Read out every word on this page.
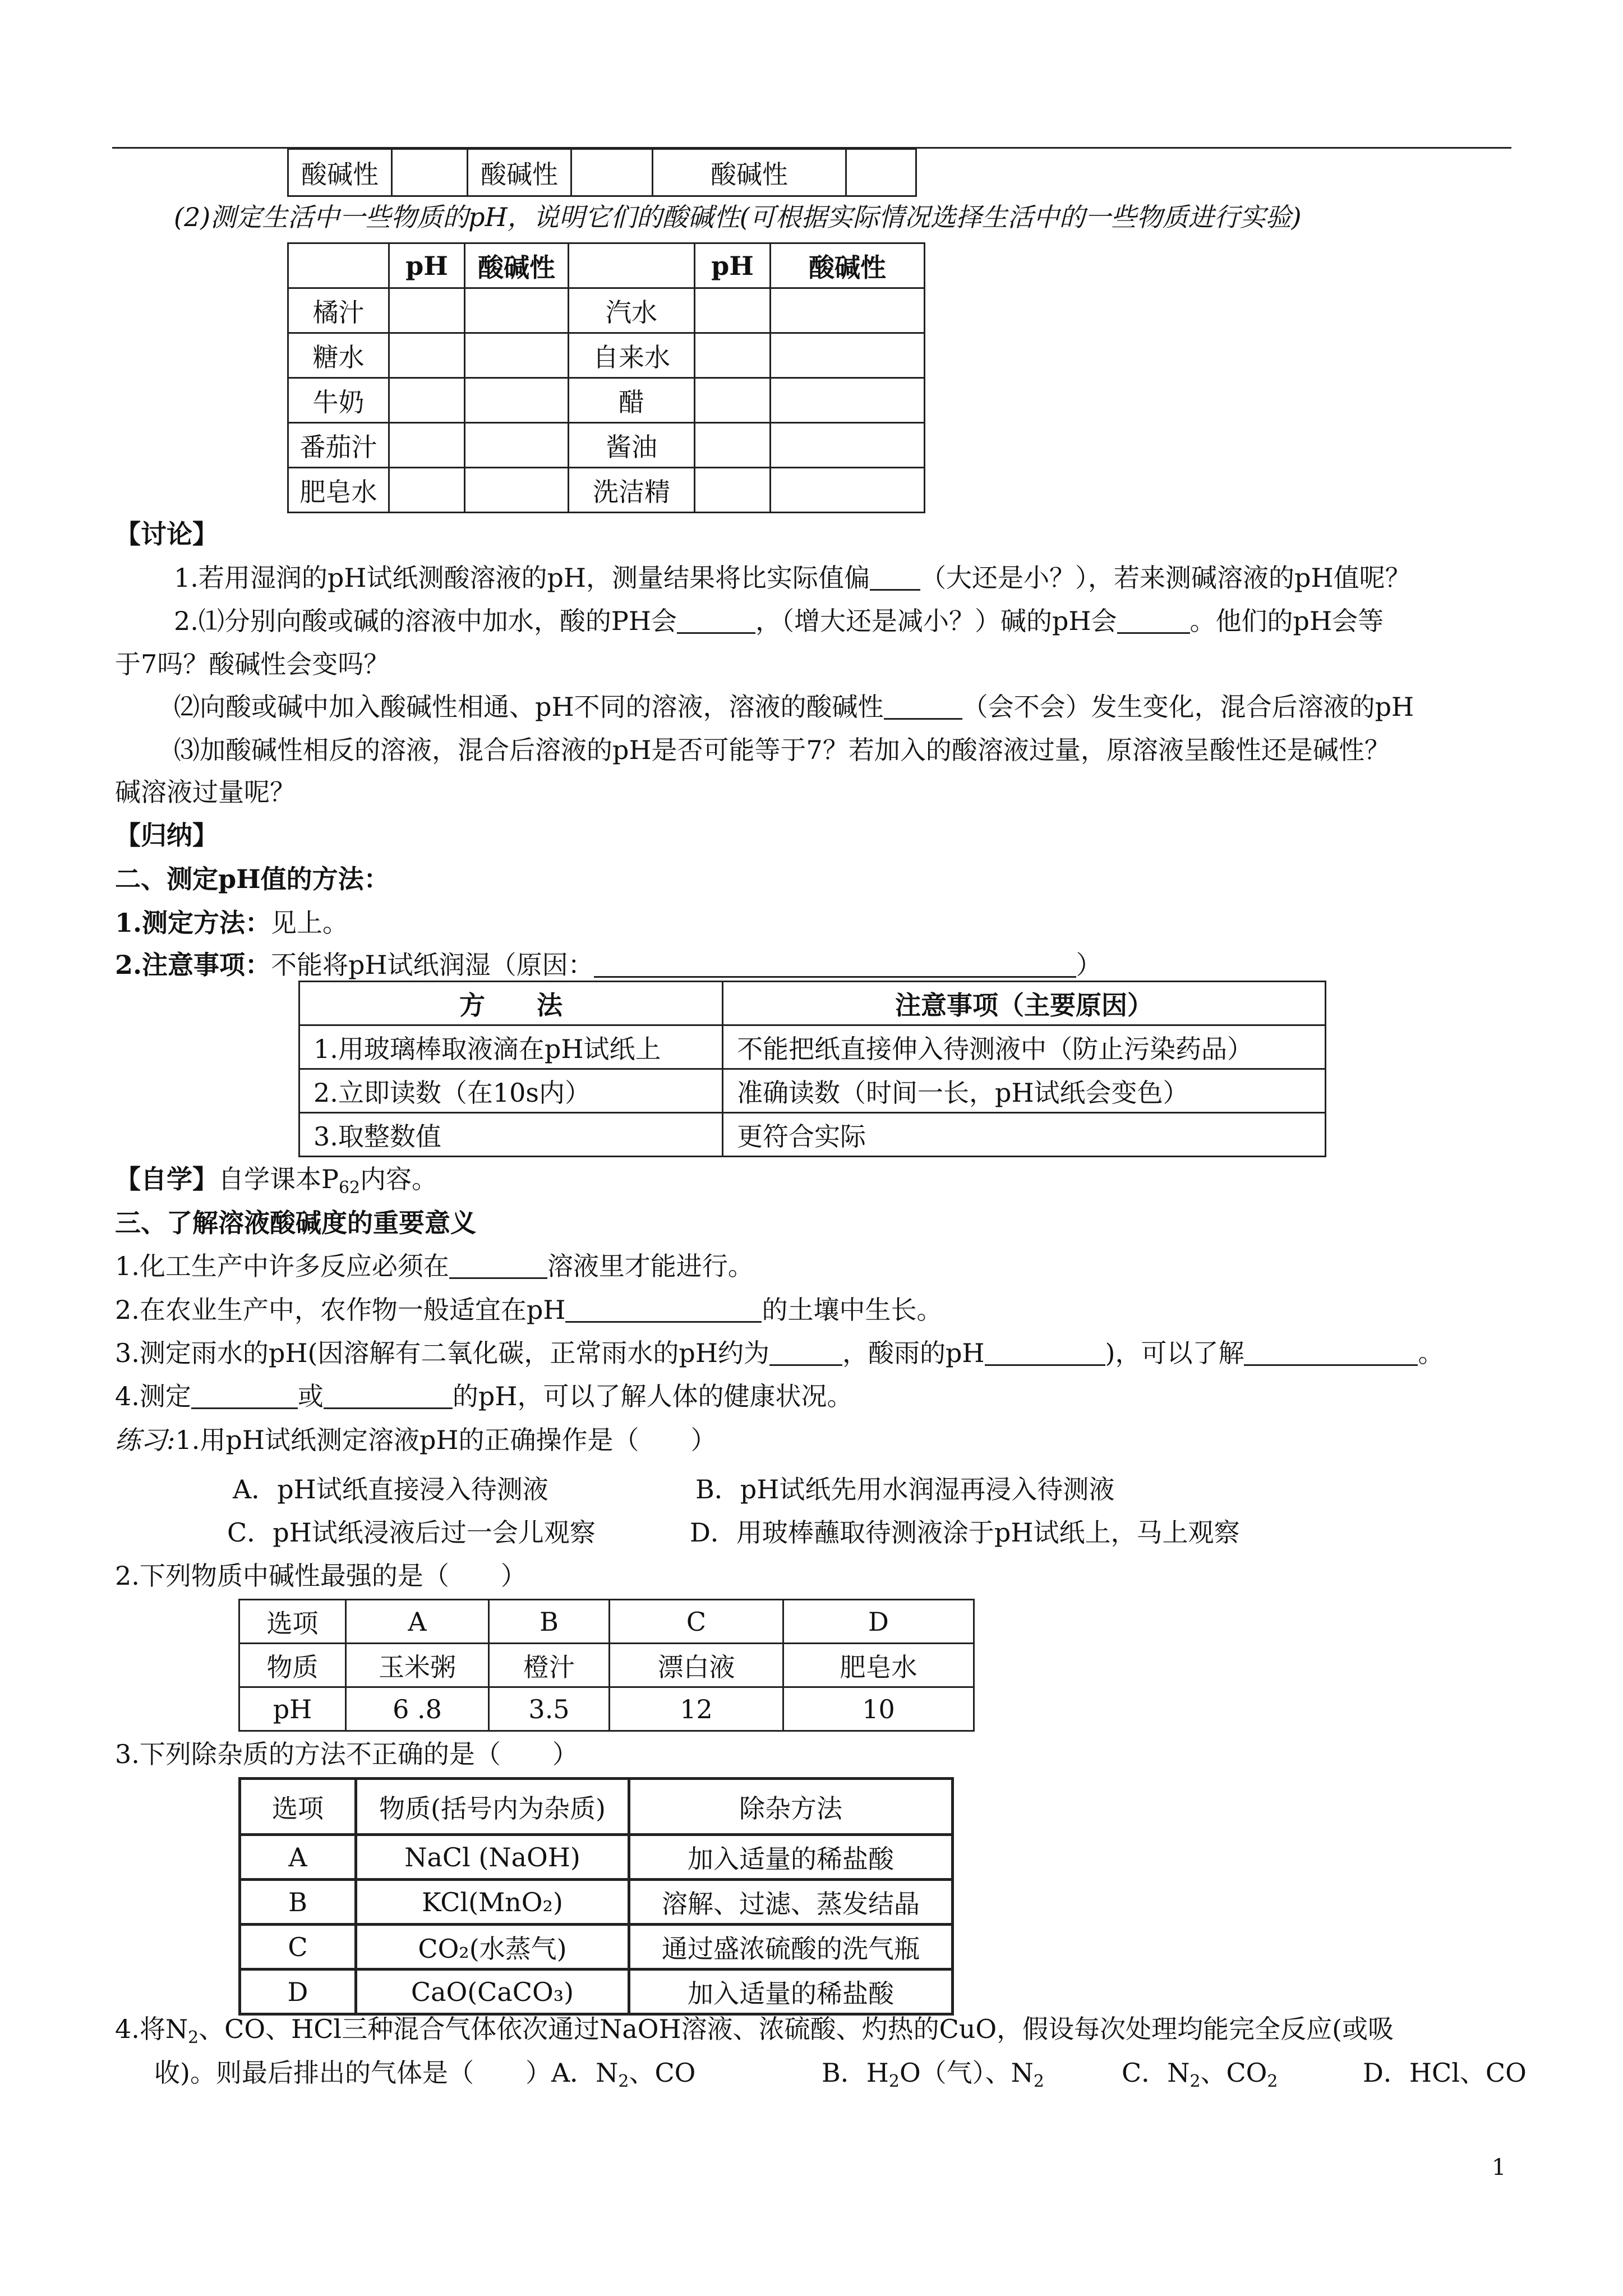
酸碱性		酸碱性		酸碱性	
(2)测定生活中一些物质的pH，说明它们的酸碱性(可根据实际情况选择生活中的一些物质进行实验)
	pH	酸碱性		pH	酸碱性
橘汁			汽水		
糖水			自来水		
牛奶			醋		
番茄汁			酱油		
肥皂水			洗洁精		
【讨论】
1.若用湿润的pH试纸测酸溶液的pH，测量结果将比实际值偏 （大还是小？），若来测碱溶液的pH值呢？
2.⑴分别向酸或碱的溶液中加水，酸的PH会	，（增大还是减小？）碱的pH会	。他们的pH会等
于7吗？酸碱性会变吗？
⑵向酸或碱中加入酸碱性相通、pH不同的溶液，溶液的酸碱性	（会不会）发生变化，混合后溶液的pH
⑶加酸碱性相反的溶液，混合后溶液的pH是否可能等于7？若加入的酸溶液过量，原溶液呈酸性还是碱性？
碱溶液过量呢？
【归纳】
二、测定pH值的方法：
1.测定方法：见上。
2.注意事项：不能将pH试纸润湿（原因：	）
方　　法	注意事项（主要原因）
1.用玻璃棒取液滴在pH试纸上	不能把纸直接伸入待测液中（防止污染药品）
2.立即读数（在10s内）	准确读数（时间一长，pH试纸会变色）
3.取整数值	更符合实际
【自学】自学课本$P_{62}$内容。
三、了解溶液酸碱度的重要意义
1.化工生产中许多反应必须在	溶液里才能进行。
2.在农业生产中，农作物一般适宜在pH	的土壤中生长。
3.测定雨水的pH(因溶解有二氧化碳，正常雨水的pH约为	，酸雨的pH	)，可以了解	。
4.测定	或	的pH，可以了解人体的健康状况。
练习:1.用pH试纸测定溶液pH的正确操作是（　　）
A．pH试纸直接浸入待测液	B．pH试纸先用水润湿再浸入待测液
C．pH试纸浸液后过一会儿观察	D．用玻棒蘸取待测液涂于pH试纸上，马上观察
2.下列物质中碱性最强的是（　　）
选项	A	B	C	D
物质	玉米粥	橙汁	漂白液	肥皂水
pH	6 .8	3.5	12	10
3.下列除杂质的方法不正确的是（　　）
选项	物质(括号内为杂质)	除杂方法
A	NaCl (NaOH)	加入适量的稀盐酸
B	KCl(MnO₂)	溶解、过滤、蒸发结晶
C	CO₂(水蒸气)	通过盛浓硫酸的洗气瓶
D	CaO(CaCO₃)	加入适量的稀盐酸
4.将$N_2$、CO、HCl三种混合气体依次通过NaOH溶液、浓硫酸、灼热的CuO，假设每次处理均能完全反应(或吸
收)。则最后排出的气体是（　　）A．$N_2$、CO	B．$H_2O$（气）、$N_2$	C．$N_2$、$CO_2$	D．HCl、CO
1
